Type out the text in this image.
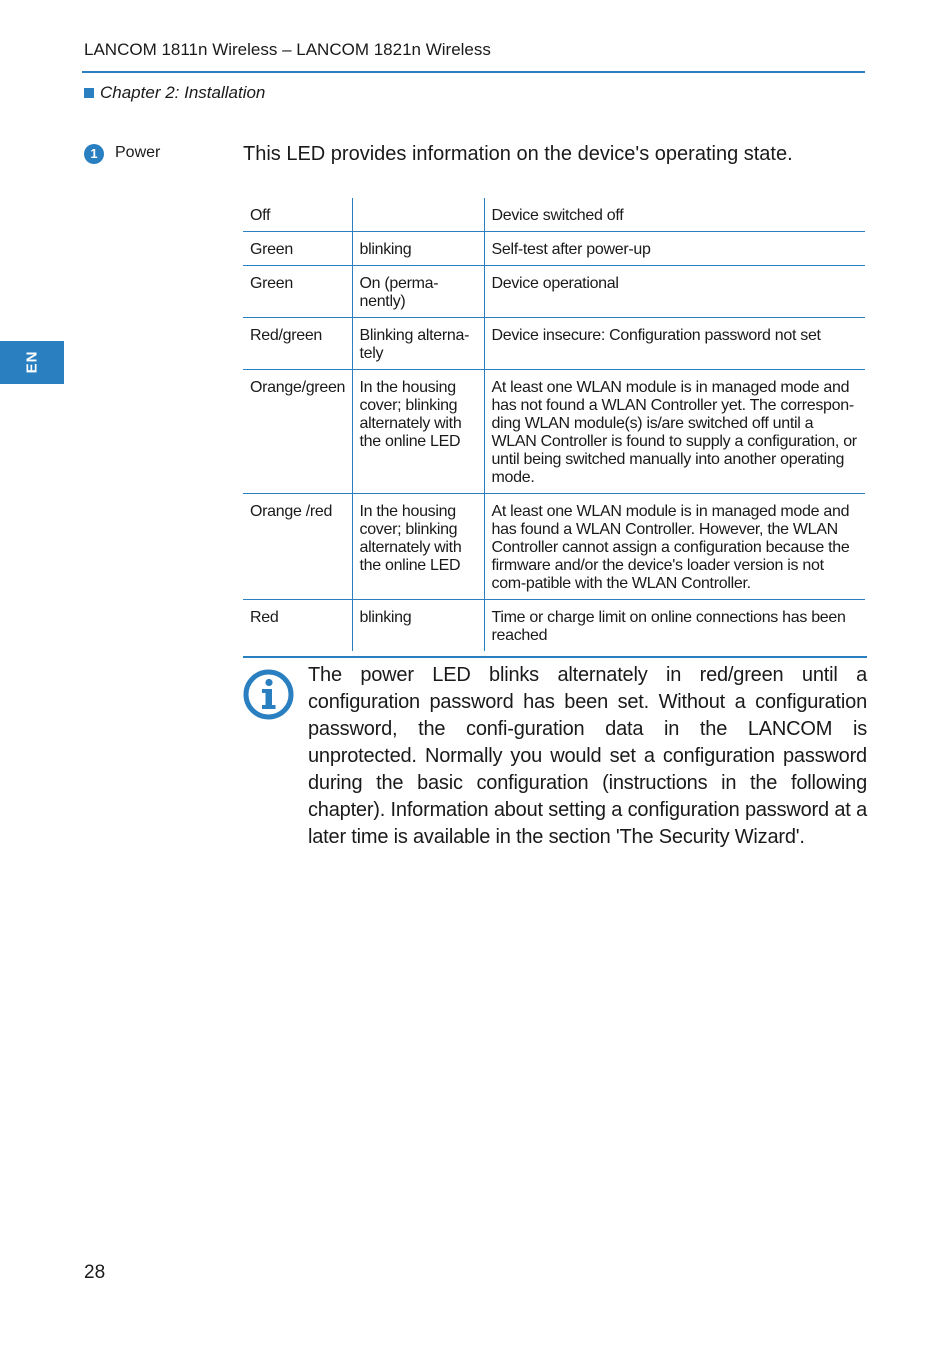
LANCOM 1811n Wireless – LANCOM 1821n Wireless
Chapter 2: Installation
EN
1	Power	This LED provides information on the device's operating state.
Off		Device switched off
Green	blinking	Self-test after power-up
Green	On (perma-nently)	Device operational
Red/green	Blinking alterna-tely	Device insecure: Configuration password not set
Orange/green	In the housing cover; blinking alternately with the online LED	At least one WLAN module is in managed mode and has not found a WLAN Controller yet. The correspon-ding WLAN module(s) is/are switched off until a WLAN Controller is found to supply a configuration, or until being switched manually into another operating mode.
Orange /red	In the housing cover; blinking alternately with the online LED	At least one WLAN module is in managed mode and has found a WLAN Controller. However, the WLAN Controller cannot assign a configuration because the firmware and/or the device's loader version is not com-patible with the WLAN Controller.
Red	blinking	Time or charge limit on online connections has been reached
The power LED blinks alternately in red/green until a configuration password has been set. Without a configuration password, the confi-guration data in the LANCOM is unprotected. Normally you would set a configuration password during the basic configuration (instructions in the following chapter). Information about setting a configuration password at a later time is available in the section 'The Security Wizard'.
28
